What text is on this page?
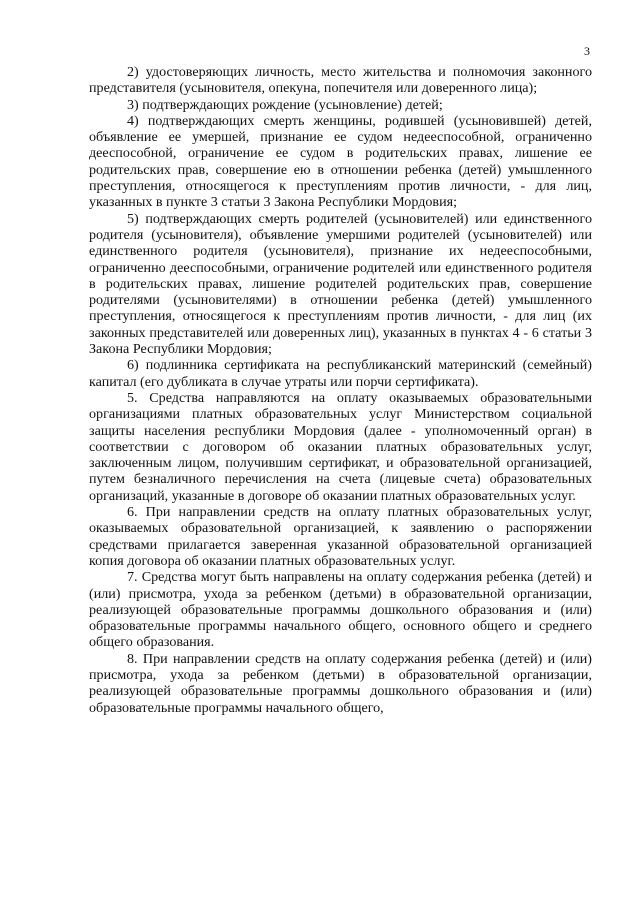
3

2) удостоверяющих личность, место жительства и полномочия законного представителя (усыновителя, опекуна, попечителя или доверенного лица);

3) подтверждающих рождение (усыновление) детей;

4) подтверждающих смерть женщины, родившей (усыновившей) детей, объявление ее умершей, признание ее судом недееспособной, ограниченно дееспособной, ограничение ее судом в родительских правах, лишение ее родительских прав, совершение ею в отношении ребенка (детей) умышленного преступления, относящегося к преступлениям против личности, - для лиц, указанных в пункте 3 статьи 3 Закона Республики Мордовия;

5) подтверждающих смерть родителей (усыновителей) или единственного родителя (усыновителя), объявление умершими родителей (усыновителей) или единственного родителя (усыновителя), признание их недееспособными, ограниченно дееспособными, ограничение родителей или единственного родителя в родительских правах, лишение родителей родительских прав, совершение родителями (усыновителями) в отношении ребенка (детей) умышленного преступления, относящегося к преступлениям против личности, - для лиц (их законных представителей или доверенных лиц), указанных в пунктах 4 - 6 статьи 3 Закона Республики Мордовия;

6) подлинника сертификата на республиканский материнский (семейный) капитал (его дубликата в случае утраты или порчи сертификата).

5. Средства направляются на оплату оказываемых образовательными организациями платных образовательных услуг Министерством социальной защиты населения республики Мордовия (далее - уполномоченный орган) в соответствии с договором об оказании платных образовательных услуг, заключенным лицом, получившим сертификат, и образовательной организацией, путем безналичного перечисления на счета (лицевые счета) образовательных организаций, указанные в договоре об оказании платных образовательных услуг.

6. При направлении средств на оплату платных образовательных услуг, оказываемых образовательной организацией, к заявлению о распоряжении средствами прилагается заверенная указанной образовательной организацией копия договора об оказании платных образовательных услуг.

7. Средства могут быть направлены на оплату содержания ребенка (детей) и (или) присмотра, ухода за ребенком (детьми) в образовательной организации, реализующей образовательные программы дошкольного образования и (или) образовательные программы начального общего, основного общего и среднего общего образования.

8. При направлении средств на оплату содержания ребенка (детей) и (или) присмотра, ухода за ребенком (детьми) в образовательной организации, реализующей образовательные программы дошкольного образования и (или) образовательные программы начального общего,
